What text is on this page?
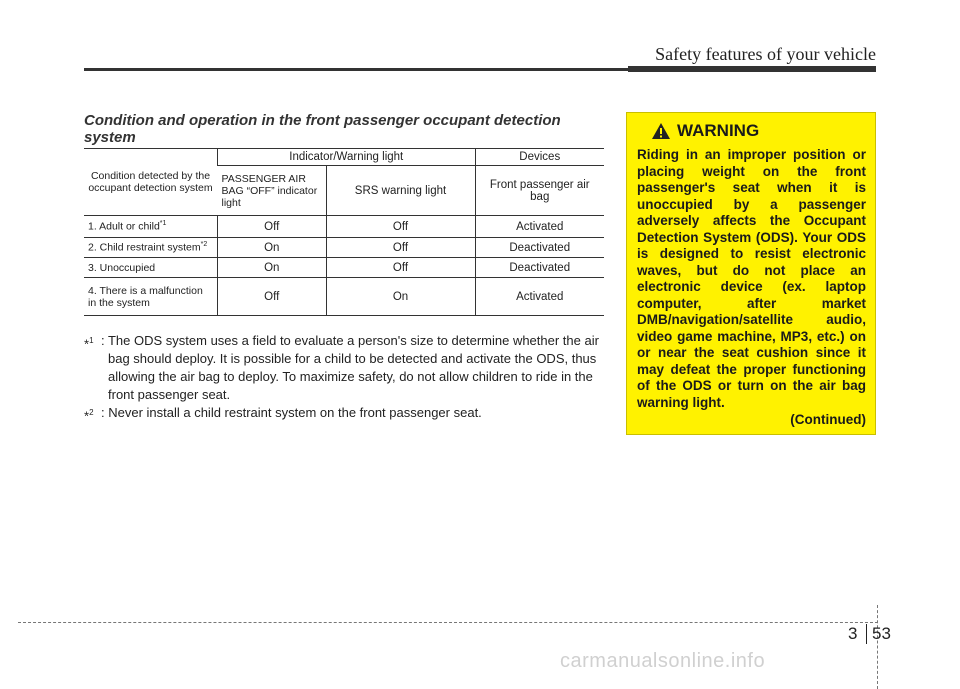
Safety features of your vehicle
Condition and operation in the front passenger occupant detection system
Condition detected by the occupant detection system	Indicator/Warning light		Devices
	PASSENGER AIR BAG “OFF” indicator light	SRS warning light	Front passenger air bag
1. Adult or child$^{*1}$	Off	Off	Activated
2. Child restraint system$^{*2}$	On	Off	Deactivated
3. Unoccupied	On	Off	Deactivated
4. There is a malfunction in the system	Off	On	Activated
*$^1$ : The ODS system uses a field to evaluate a person's size to determine whether the air bag should deploy. It is possible for a child to be detected and activate the ODS, thus allowing the air bag to deploy. To maximize safety, do not allow children to ride in the front passenger seat.
*$^2$ : Never install a child restraint system on the front passenger seat.
WARNING
Riding in an improper position or placing weight on the front passenger's seat when it is unoccupied by a passenger adversely affects the Occupant Detection System (ODS). Your ODS is designed to resist electronic waves, but do not place an electronic device (ex. laptop computer, after market DMB/navigation/satellite audio, video game machine, MP3, etc.) on or near the seat cushion since it may defeat the proper functioning of the ODS or turn on the air bag warning light.
(Continued)
3 53
carmanualsonline.info
